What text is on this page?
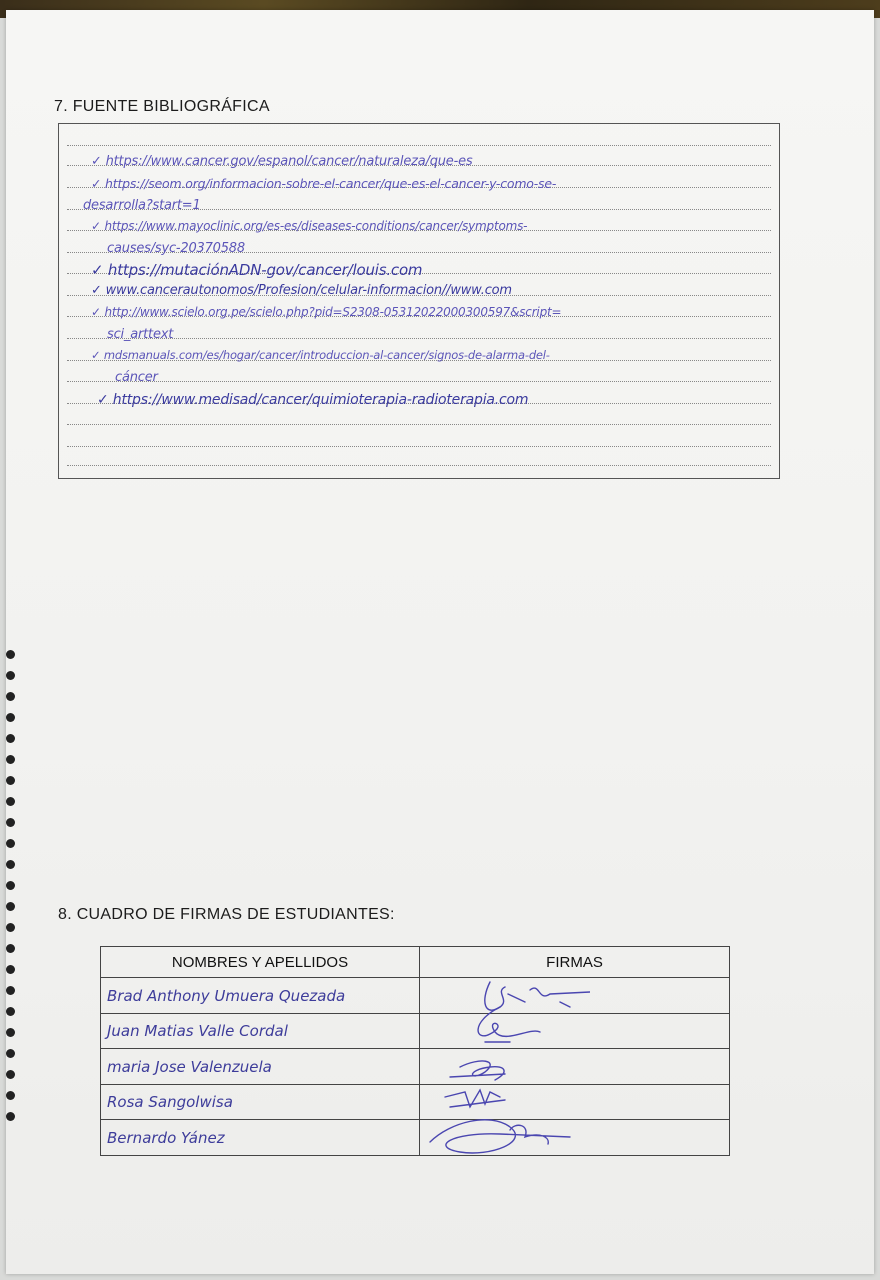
7. FUENTE BIBLIOGRÁFICA
✓ https://www.cancer.gov/espanol/cancer/naturaleza/que-es
✓ https://seom.org/informacion-sobre-el-cancer/que-es-el-cancer-y-como-se-
desarrolla?start=1
✓ https://www.mayoclinic.org/es-es/diseases-conditions/cancer/symptoms-
causes/syc-20370588
✓ https://mutaciónADN-gov/cancer/louis.com
✓ www.cancerautonomos/Profesion/celular-informacion//www.com
✓ http://www.scielo.org.pe/scielo.php?pid=S2308-05312022000300597&script=
sci_arttext
✓ mdsmanuals.com/es/hogar/cancer/introduccion-al-cancer/signos-de-alarma-del-
cáncer
✓ https://www.medisad/cancer/quimioterapia-radioterapia.com
8. CUADRO DE FIRMAS DE ESTUDIANTES:
NOMBRES Y APELLIDOS	FIRMAS
Brad Anthony Umuera Quezada	
Juan Matias Valle Cordal	
maria Jose Valenzuela	
Rosa Sangolwisa	
Bernardo Yánez	
